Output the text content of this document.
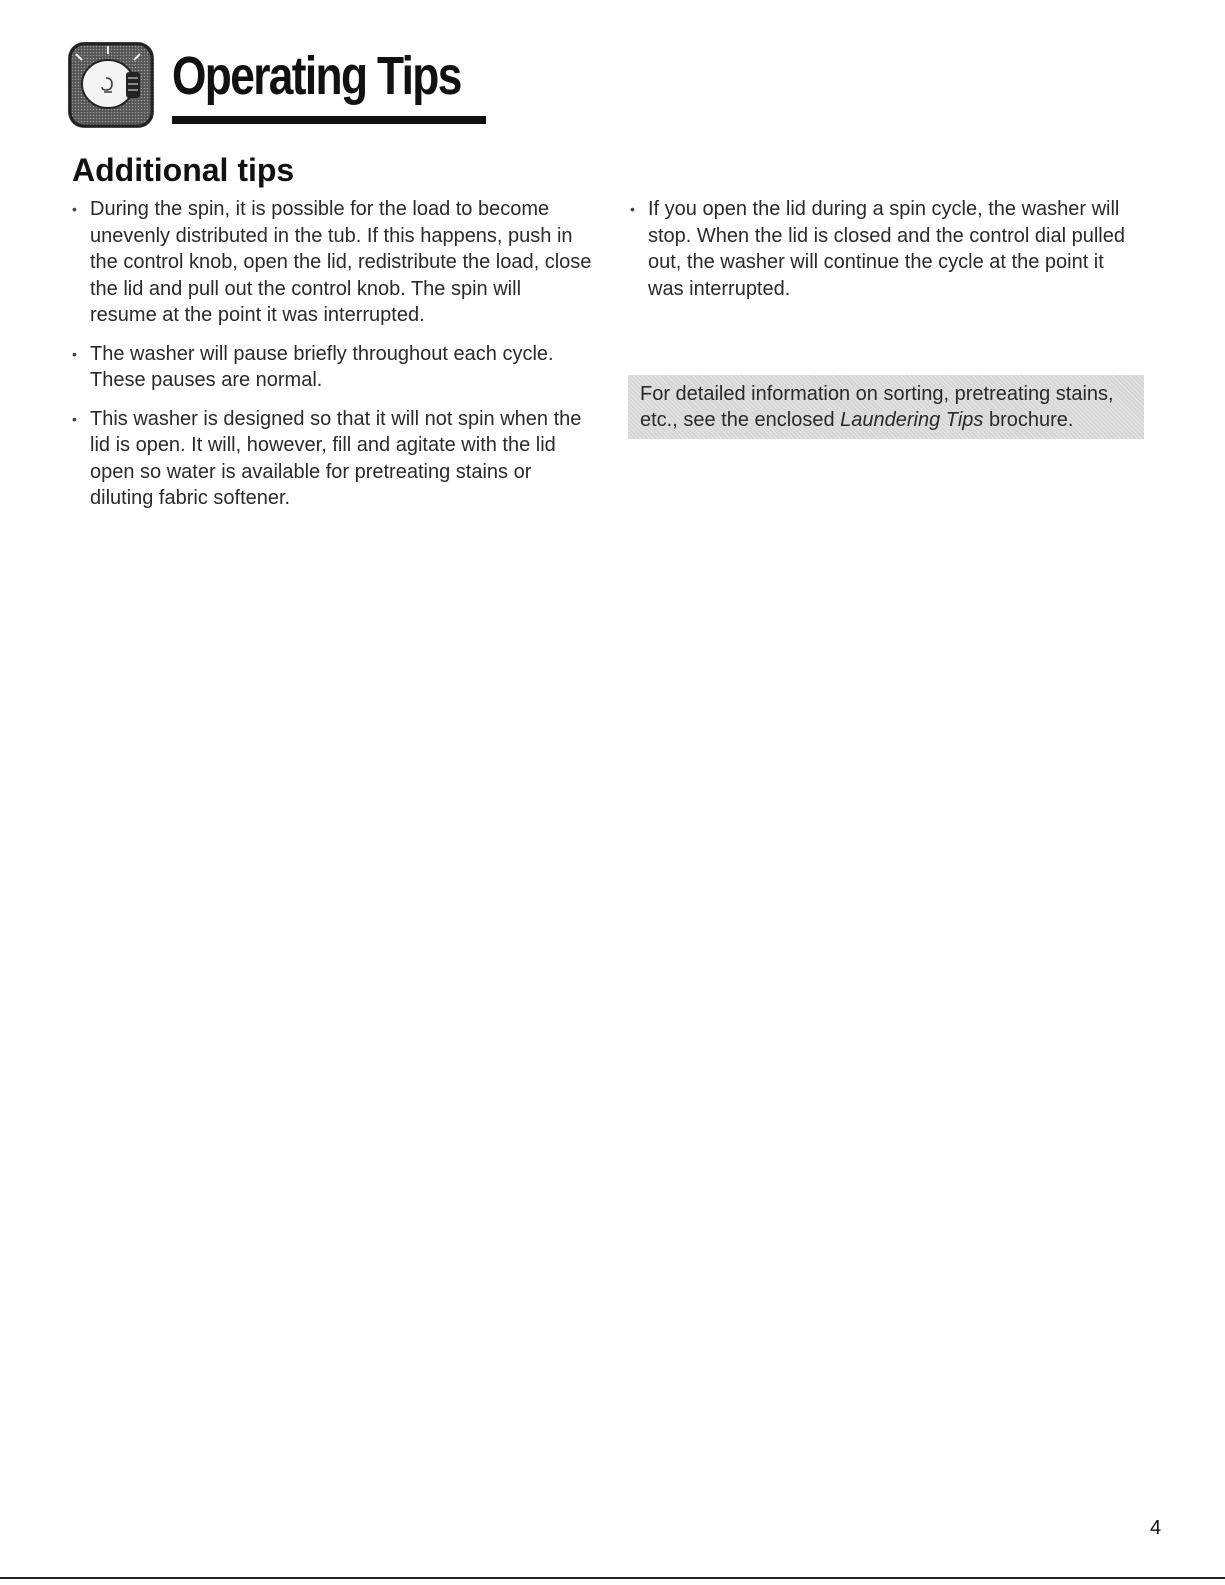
Operating Tips
Additional tips
• During the spin, it is possible for the load to become unevenly distributed in the tub. If this happens, push in the control knob, open the lid, redistribute the load, close the lid and pull out the control knob. The spin will resume at the point it was interrupted.
• The washer will pause briefly throughout each cycle. These pauses are normal.
• This washer is designed so that it will not spin when the lid is open. It will, however, fill and agitate with the lid open so water is available for pretreating stains or diluting fabric softener.
• If you open the lid during a spin cycle, the washer will stop. When the lid is closed and the control dial pulled out, the washer will continue the cycle at the point it was interrupted.
For detailed information on sorting, pretreating stains, etc., see the enclosed Laundering Tips brochure.
4
